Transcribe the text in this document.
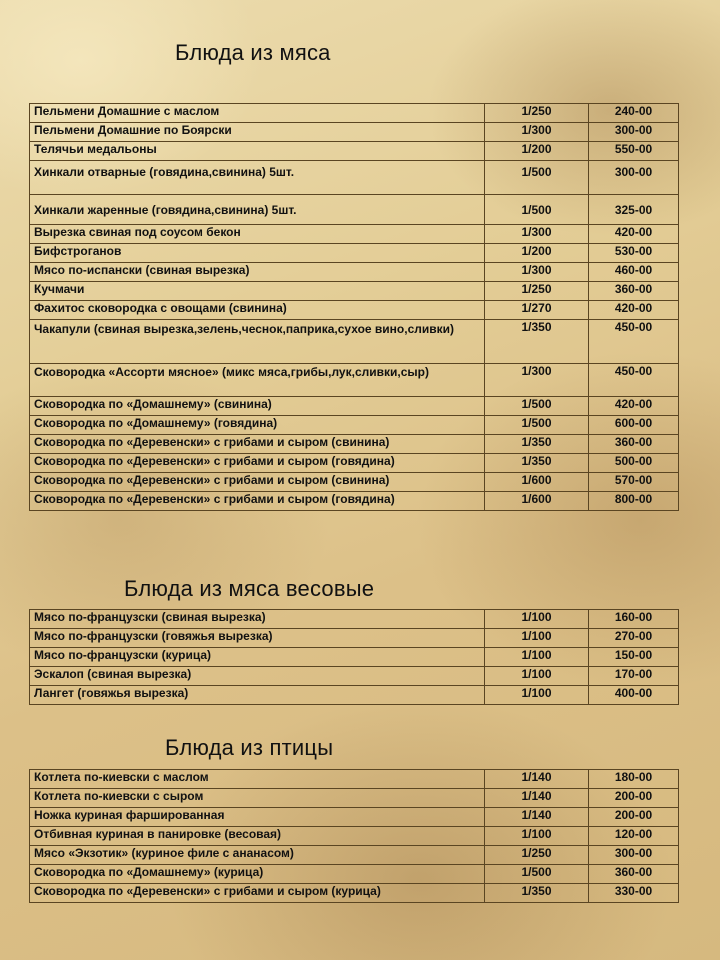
Блюда из мяса
Пельмени Домашние с маслом	1/250	240-00
Пельмени Домашние по Боярски	1/300	300-00
Телячьи медальоны	1/200	550-00
Хинкали отварные (говядина,свинина) 5шт.	1/500	300-00
Хинкали жаренные (говядина,свинина) 5шт.	1/500	325-00
Вырезка свиная под соусом бекон	1/300	420-00
Бифстроганов	1/200	530-00
Мясо по-испански (свиная вырезка)	1/300	460-00
Кучмачи	1/250	360-00
Фахитос сковородка с овощами (свинина)	1/270	420-00
Чакапули (свиная вырезка,зелень,чеснок,паприка,сухое вино,сливки)	1/350	450-00
Сковородка «Ассорти мясное» (микс мяса,грибы,лук,сливки,сыр)	1/300	450-00
Сковородка по «Домашнему» (свинина)	1/500	420-00
Сковородка по «Домашнему» (говядина)	1/500	600-00
Сковородка по «Деревенски» с грибами и сыром (свинина)	1/350	360-00
Сковородка по «Деревенски» с грибами и сыром (говядина)	1/350	500-00
Сковородка по «Деревенски» с грибами и сыром (свинина)	1/600	570-00
Сковородка по «Деревенски» с грибами и сыром (говядина)	1/600	800-00
Блюда из мяса весовые
Мясо по-французски (свиная вырезка)	1/100	160-00
Мясо по-французски (говяжья вырезка)	1/100	270-00
Мясо по-французски (курица)	1/100	150-00
Эскалоп (свиная вырезка)	1/100	170-00
Лангет (говяжья вырезка)	1/100	400-00
Блюда из птицы
Котлета по-киевски с маслом	1/140	180-00
Котлета по-киевски с сыром	1/140	200-00
Ножка куриная фаршированная	1/140	200-00
Отбивная куриная в панировке (весовая)	1/100	120-00
Мясо «Экзотик» (куриное филе с ананасом)	1/250	300-00
Сковородка по «Домашнему» (курица)	1/500	360-00
Сковородка по «Деревенски» с грибами и сыром (курица)	1/350	330-00
